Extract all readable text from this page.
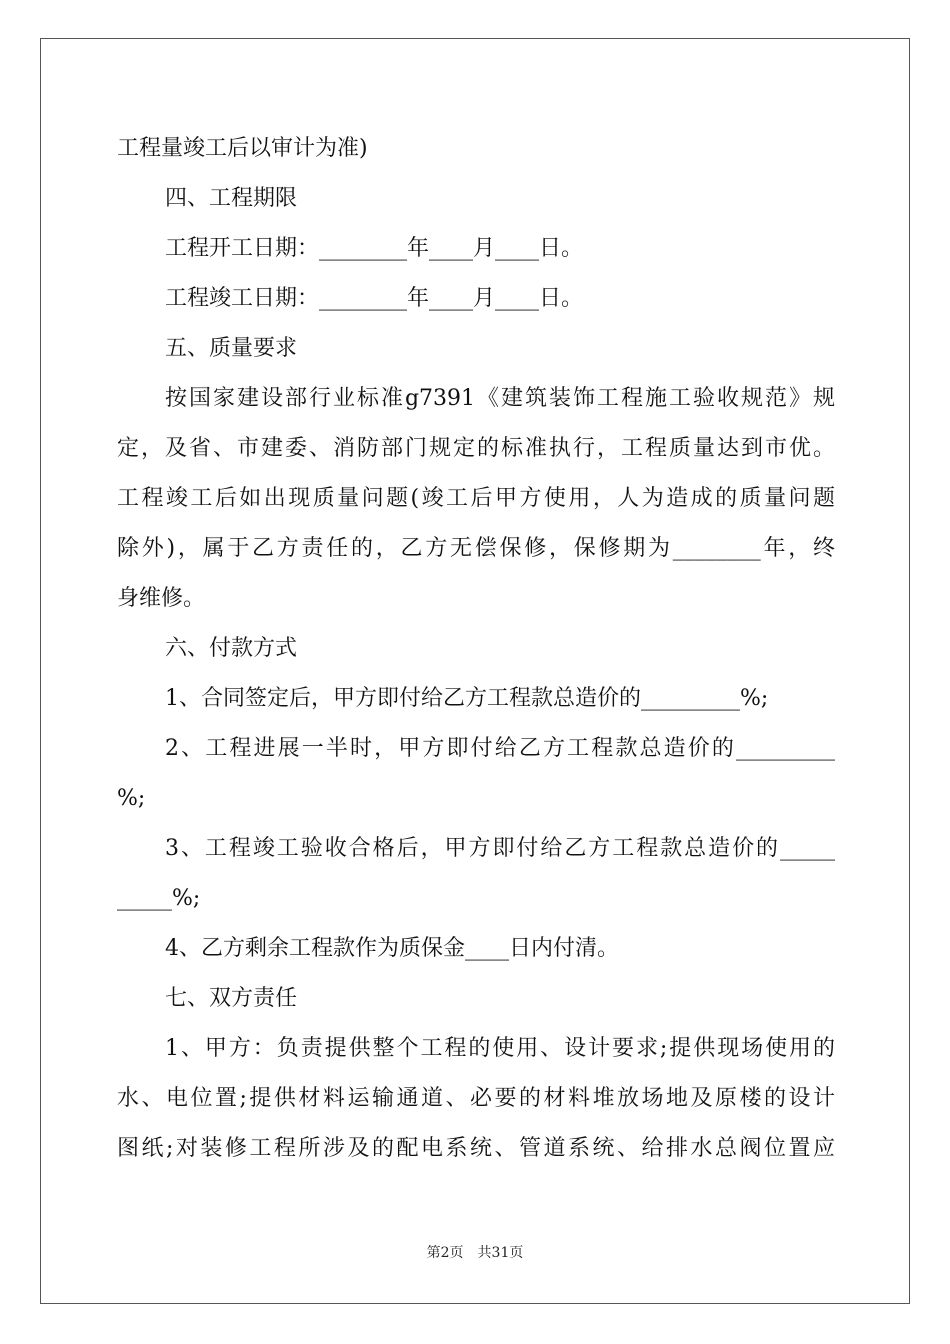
工程量竣工后以审计为准)
四、工程期限
工程开工日期：________年____月____日。
工程竣工日期：________年____月____日。
五、质量要求
按国家建设部行业标准g7391《建筑装饰工程施工验收规范》规
定，及省、市建委、消防部门规定的标准执行，工程质量达到市优。
工程竣工后如出现质量问题(竣工后甲方使用，人为造成的质量问题
除外)，属于乙方责任的，乙方无偿保修，保修期为________年，终
身维修。
六、付款方式
1、合同签定后，甲方即付给乙方工程款总造价的_________%;
2、工程进展一半时，甲方即付给乙方工程款总造价的_________
%;
3、工程竣工验收合格后，甲方即付给乙方工程款总造价的_____
_____%;
4、乙方剩余工程款作为质保金____日内付清。
七、双方责任
1、甲方：负责提供整个工程的使用、设计要求;提供现场使用的
水、电位置;提供材料运输通道、必要的材料堆放场地及原楼的设计
图纸;对装修工程所涉及的配电系统、管道系统、给排水总阀位置应
第2页　共31页
